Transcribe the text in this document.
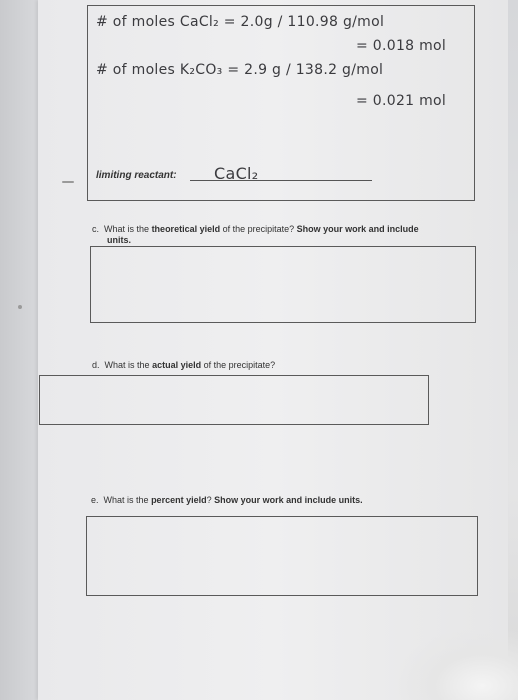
# of moles CaCl₂ = 2.0g / 110.98 g/mol
= 0.018 mol
# of moles K₂CO₃ = 2.9 g / 138.2 g/mol
= 0.021 mol
limiting reactant: CaCl₂
c. What is the theoretical yield of the precipitate? Show your work and include
units.
d. What is the actual yield of the precipitate?
e. What is the percent yield? Show your work and include units.
